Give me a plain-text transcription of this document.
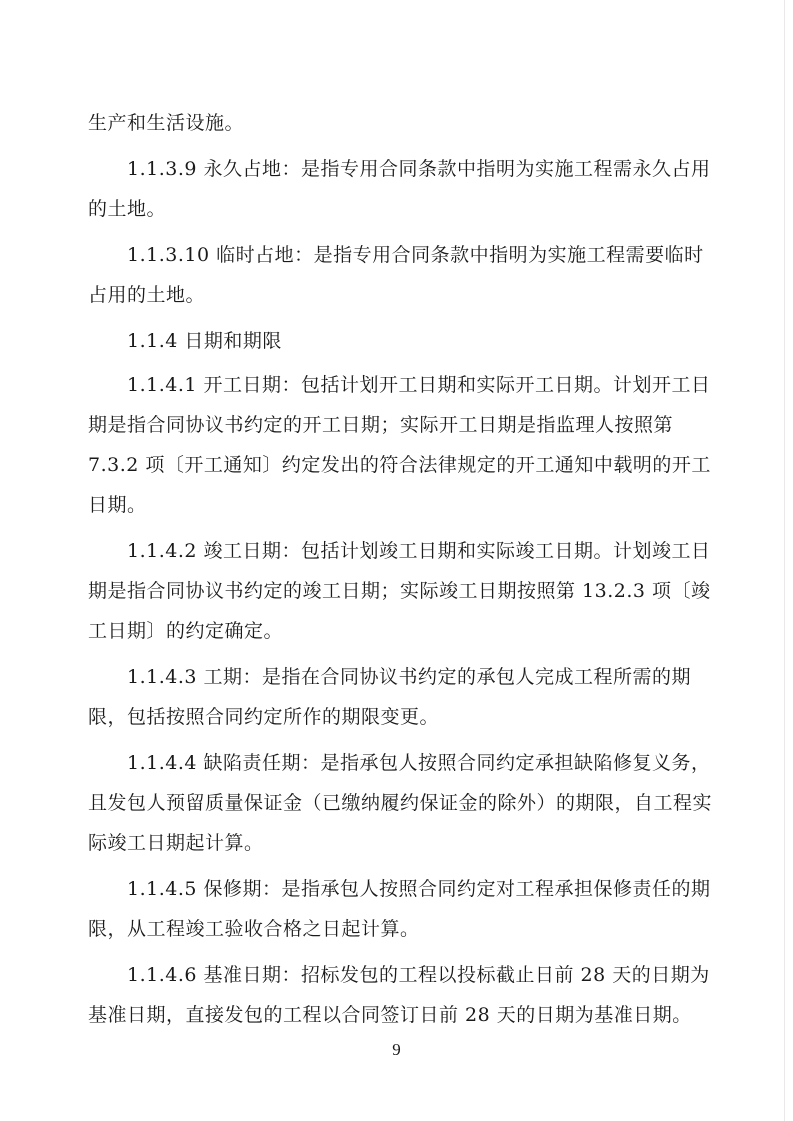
生产和生活设施。
1.1.3.9 永久占地：是指专用合同条款中指明为实施工程需永久占用
的土地。
1.1.3.10 临时占地：是指专用合同条款中指明为实施工程需要临时
占用的土地。
1.1.4 日期和期限
1.1.4.1 开工日期：包括计划开工日期和实际开工日期。计划开工日
期是指合同协议书约定的开工日期；实际开工日期是指监理人按照第
7.3.2 项〔开工通知〕约定发出的符合法律规定的开工通知中载明的开工
日期。
1.1.4.2 竣工日期：包括计划竣工日期和实际竣工日期。计划竣工日
期是指合同协议书约定的竣工日期；实际竣工日期按照第 13.2.3 项〔竣
工日期〕的约定确定。
1.1.4.3 工期：是指在合同协议书约定的承包人完成工程所需的期
限，包括按照合同约定所作的期限变更。
1.1.4.4 缺陷责任期：是指承包人按照合同约定承担缺陷修复义务，
且发包人预留质量保证金（已缴纳履约保证金的除外）的期限，自工程实
际竣工日期起计算。
1.1.4.5 保修期：是指承包人按照合同约定对工程承担保修责任的期
限，从工程竣工验收合格之日起计算。
1.1.4.6 基准日期：招标发包的工程以投标截止日前 28 天的日期为
基准日期，直接发包的工程以合同签订日前 28 天的日期为基准日期。
9
